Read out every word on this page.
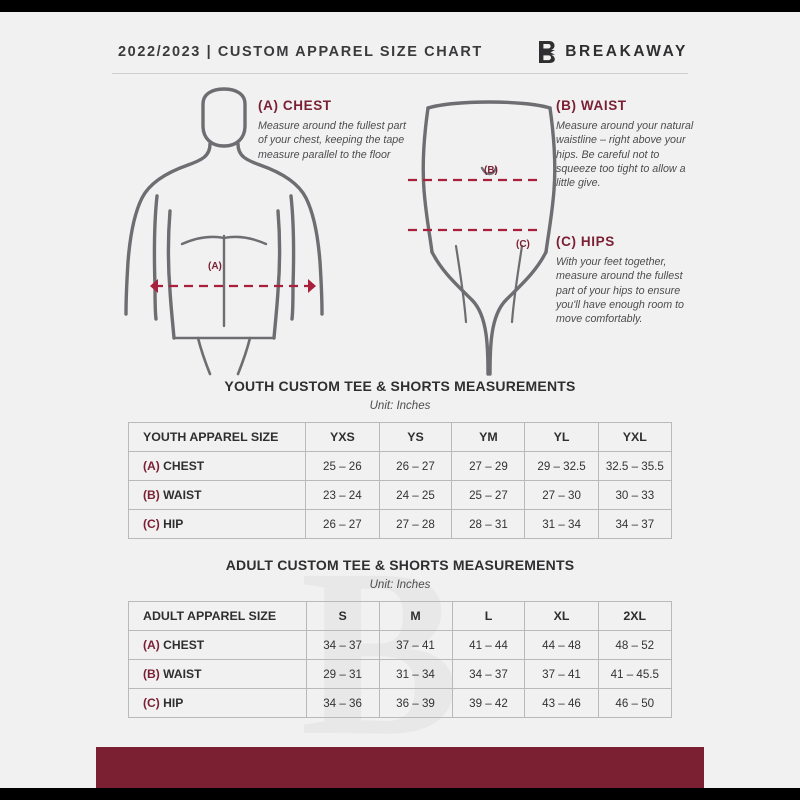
2022/2023 | CUSTOM APPAREL SIZE CHART	BREAKAWAY
(A)
(B)
(C)
(A) CHEST

Measure around the fullest part of your chest, keeping the tape measure parallel to the floor

(B) WAIST

Measure around your natural waistline – right above your hips. Be careful not to squeeze too tight to allow a little give.

(C) HIPS

With your feet together, measure around the fullest part of your hips to ensure you'll have enough room to move comfortably.

YOUTH CUSTOM TEE & SHORTS MEASUREMENTS
Unit: Inches
YOUTH APPAREL SIZE	YXS	YS	YM	YL	YXL
(A) CHEST	25 – 26	26 – 27	27 – 29	29 – 32.5	32.5 – 35.5
(B) WAIST	23 – 24	24 – 25	25 – 27	27 – 30	30 – 33
(C) HIP	26 – 27	27 – 28	28 – 31	31 – 34	34 – 37
ADULT CUSTOM TEE & SHORTS MEASUREMENTS
Unit: Inches
ADULT APPAREL SIZE	S	M	L	XL	2XL
(A) CHEST	34 – 37	37 – 41	41 – 44	44 – 48	48 – 52
(B) WAIST	29 – 31	31 – 34	34 – 37	37 – 41	41 – 45.5
(C) HIP	34 – 36	36 – 39	39 – 42	43 – 46	46 – 50
